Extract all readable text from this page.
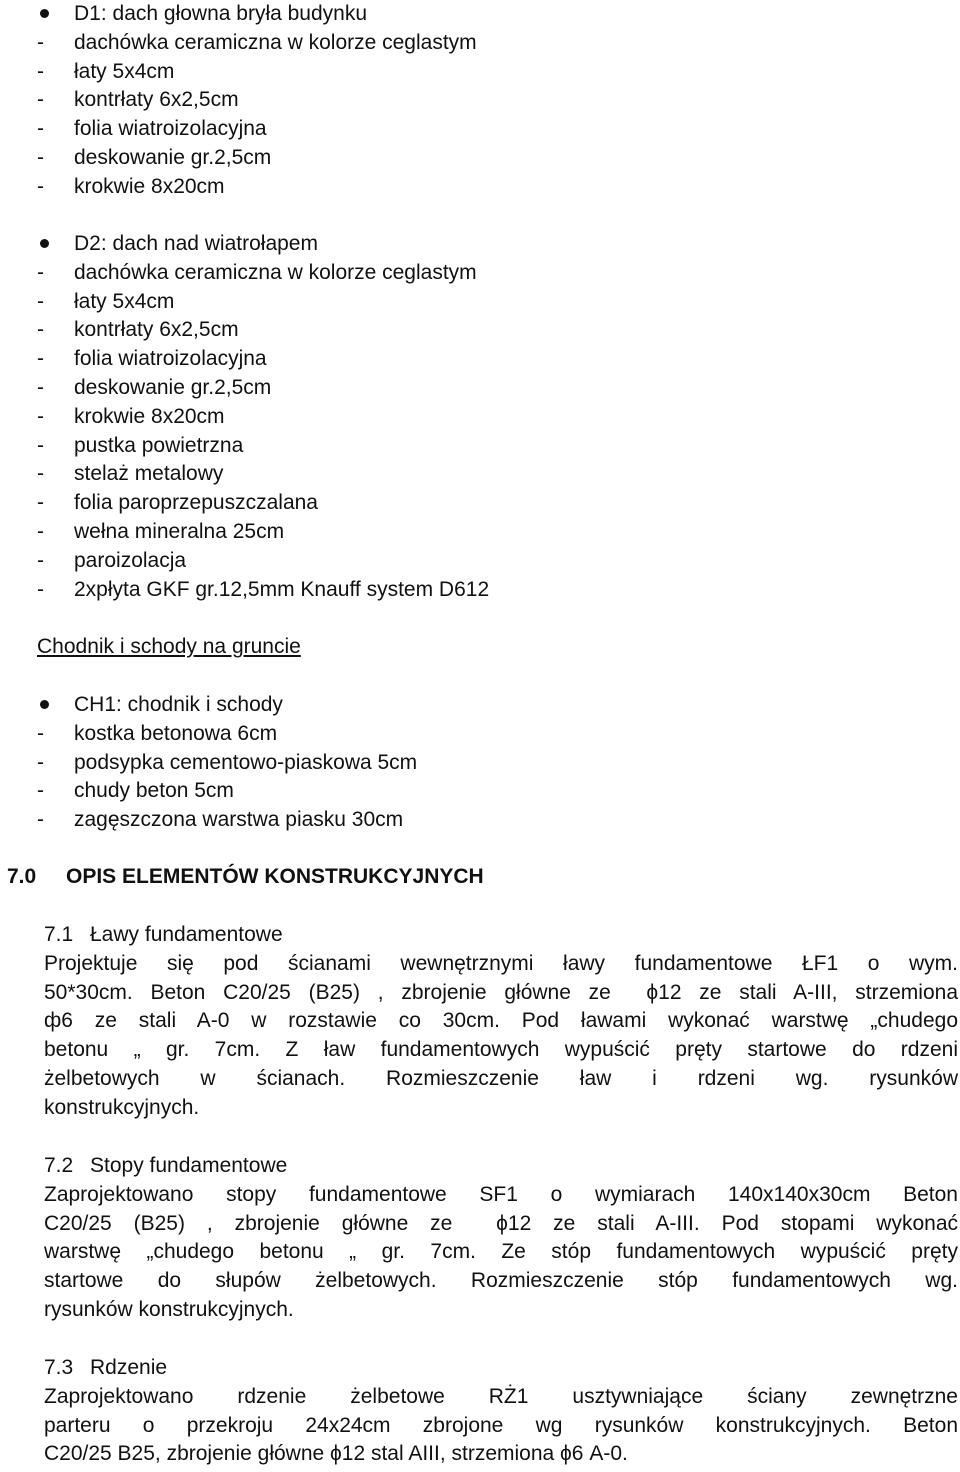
D1: dach głowna bryła budynku
-	dachówka ceramiczna w kolorze ceglastym
-	łaty 5x4cm
-	kontrłaty 6x2,5cm
-	folia wiatroizolacyjna
-	deskowanie gr.2,5cm
-	krokwie 8x20cm
D2: dach nad wiatrołapem
-	dachówka ceramiczna w kolorze ceglastym
-	łaty 5x4cm
-	kontrłaty 6x2,5cm
-	folia wiatroizolacyjna
-	deskowanie gr.2,5cm
-	krokwie 8x20cm
-	pustka powietrzna
-	stelaż metalowy
-	folia paroprzepuszczalana
-	wełna mineralna 25cm
-	paroizolacja
-	2xpłyta GKF gr.12,5mm Knauff system D612
Chodnik i schody na gruncie
CH1: chodnik i schody
-	kostka betonowa 6cm
-	podsypka cementowo-piaskowa 5cm
-	chudy beton 5cm
-	zagęszczona warstwa piasku 30cm
7.0 OPIS ELEMENTÓW KONSTRUKCYJNYCH
7.1 Ławy fundamentowe
Projektuje się pod ścianami wewnętrznymi ławy fundamentowe ŁF1 o wym.
50*30cm. Beton C20/25 (B25) , zbrojenie główne ze  ϕ12 ze stali A-III, strzemiona
ф6 ze stali A-0 w rozstawie co 30cm. Pod ławami wykonać warstwę „chudego
betonu „ gr. 7cm. Z ław fundamentowych wypuścić pręty startowe do rdzeni
żelbetowych w ścianach. Rozmieszczenie ław i rdzeni wg. rysunków
konstrukcyjnych.
7.2 Stopy fundamentowe
Zaprojektowano stopy fundamentowe SF1 o wymiarach 140x140x30cm Beton
C20/25 (B25) , zbrojenie główne ze  ϕ12 ze stali A-III. Pod stopami wykonać
warstwę „chudego betonu „ gr. 7cm. Ze stóp fundamentowych wypuścić pręty
startowe do słupów żelbetowych. Rozmieszczenie stóp fundamentowych wg.
rysunków konstrukcyjnych.
7.3 Rdzenie
Zaprojektowano rdzenie żelbetowe RŻ1 usztywniające ściany zewnętrzne
parteru o przekroju 24x24cm zbrojone wg rysunków konstrukcyjnych. Beton
C20/25 B25, zbrojenie główne ϕ12 stal AIII, strzemiona ϕ6 A-0.
